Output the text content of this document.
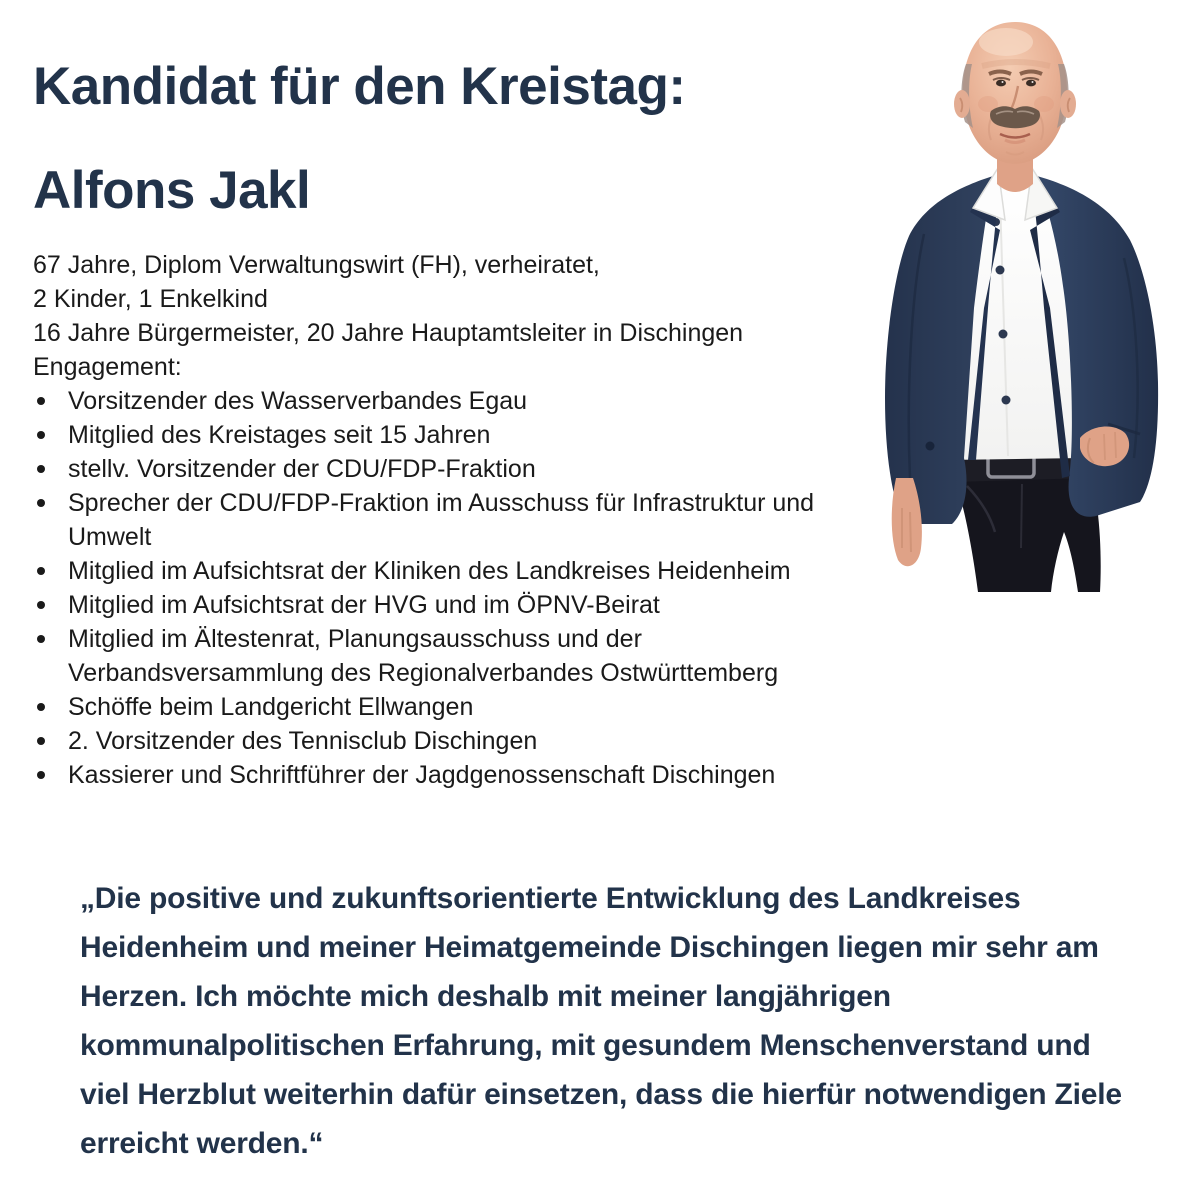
Kandidat für den Kreistag:
Alfons Jakl
67 Jahre, Diplom Verwaltungswirt (FH), verheiratet,
2 Kinder, 1 Enkelkind
16 Jahre Bürgermeister, 20 Jahre Hauptamtsleiter in Dischingen
Engagement:
Vorsitzender des Wasserverbandes Egau
Mitglied des Kreistages seit 15 Jahren
stellv. Vorsitzender der CDU/FDP-Fraktion
Sprecher der CDU/FDP-Fraktion im Ausschuss für Infrastruktur und Umwelt
Mitglied im Aufsichtsrat der Kliniken des Landkreises Heidenheim
Mitglied im Aufsichtsrat der HVG und im ÖPNV-Beirat
Mitglied im Ältestenrat, Planungsausschuss und der Verbandsversammlung des Regionalverbandes Ostwürttemberg
Schöffe beim Landgericht Ellwangen
2. Vorsitzender des Tennisclub Dischingen
Kassierer und Schriftführer der Jagdgenossenschaft Dischingen
„Die positive und zukunftsorientierte Entwicklung des Landkreises Heidenheim und meiner Heimatgemeinde Dischingen liegen mir sehr am Herzen. Ich möchte mich deshalb mit meiner langjährigen kommunalpolitischen Erfahrung, mit gesundem Menschenverstand und viel Herzblut weiterhin dafür einsetzen, dass die hierfür notwendigen Ziele erreicht werden.“
